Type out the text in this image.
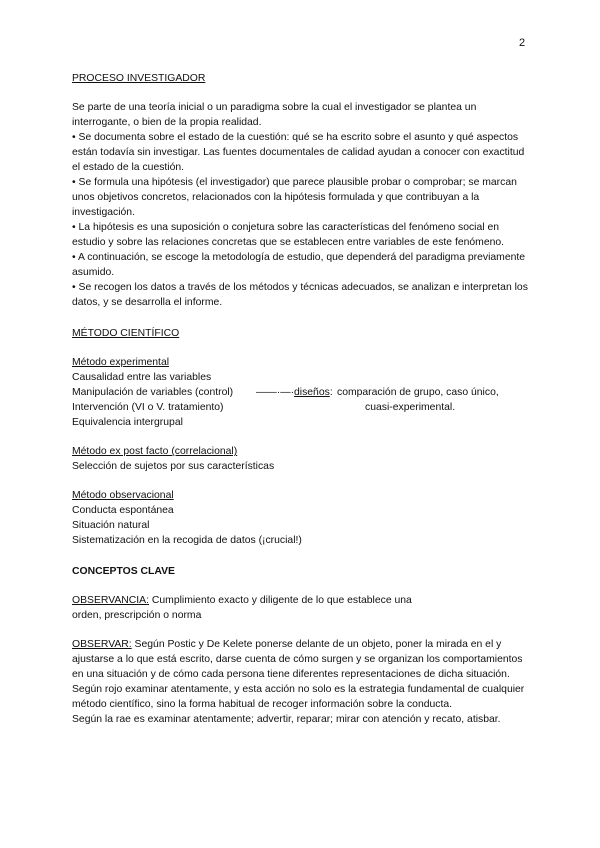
2

PROCESO INVESTIGADOR

Se parte de una teoría inicial o un paradigma sobre la cual el investigador se plantea un interrogante, o bien de la propia realidad.

• Se documenta sobre el estado de la cuestión: qué se ha escrito sobre el asunto y qué aspectos están todavía sin investigar. Las fuentes documentales de calidad ayudan a conocer con exactitud el estado de la cuestión.

• Se formula una hipótesis (el investigador) que parece plausible probar o comprobar; se marcan unos objetivos concretos, relacionados con la hipótesis formulada y que contribuyan a la investigación.

• La hipótesis es una suposición o conjetura sobre las características del fenómeno social en estudio y sobre las relaciones concretas que se establecen entre variables de este fenómeno.

• A continuación, se escoge la metodología de estudio, que dependerá del paradigma previamente asumido.

• Se recogen los datos a través de los métodos y técnicas adecuados, se analizan e interpretan los datos, y se desarrolla el informe.

MÉTODO CIENTÍFICO

Método experimental

Causalidad entre las variables

Manipulación de variables (control) ——·—· diseños: comparación de grupo, caso único,
Intervención (VI o V. tratamiento)	cuasi-experimental.

Equivalencia intergrupal

Método ex post facto (correlacional)

Selección de sujetos por sus características

Método observacional

Conducta espontánea

Situación natural

Sistematización en la recogida de datos (¡crucial!)

CONCEPTOS CLAVE

OBSERVANCIA: Cumplimiento exacto y diligente de lo que establece una orden, prescripción o norma

OBSERVAR: Según Postic y De Kelete ponerse delante de un objeto, poner la mirada en el y ajustarse a lo que está escrito, darse cuenta de cómo surgen y se organizan los comportamientos en una situación y de cómo cada persona tiene diferentes representaciones de dicha situación.

Según rojo examinar atentamente, y esta acción no solo es la estrategia fundamental de cualquier método científico, sino la forma habitual de recoger información sobre la conducta.

Según la rae es examinar atentamente; advertir, reparar; mirar con atención y recato, atisbar.
